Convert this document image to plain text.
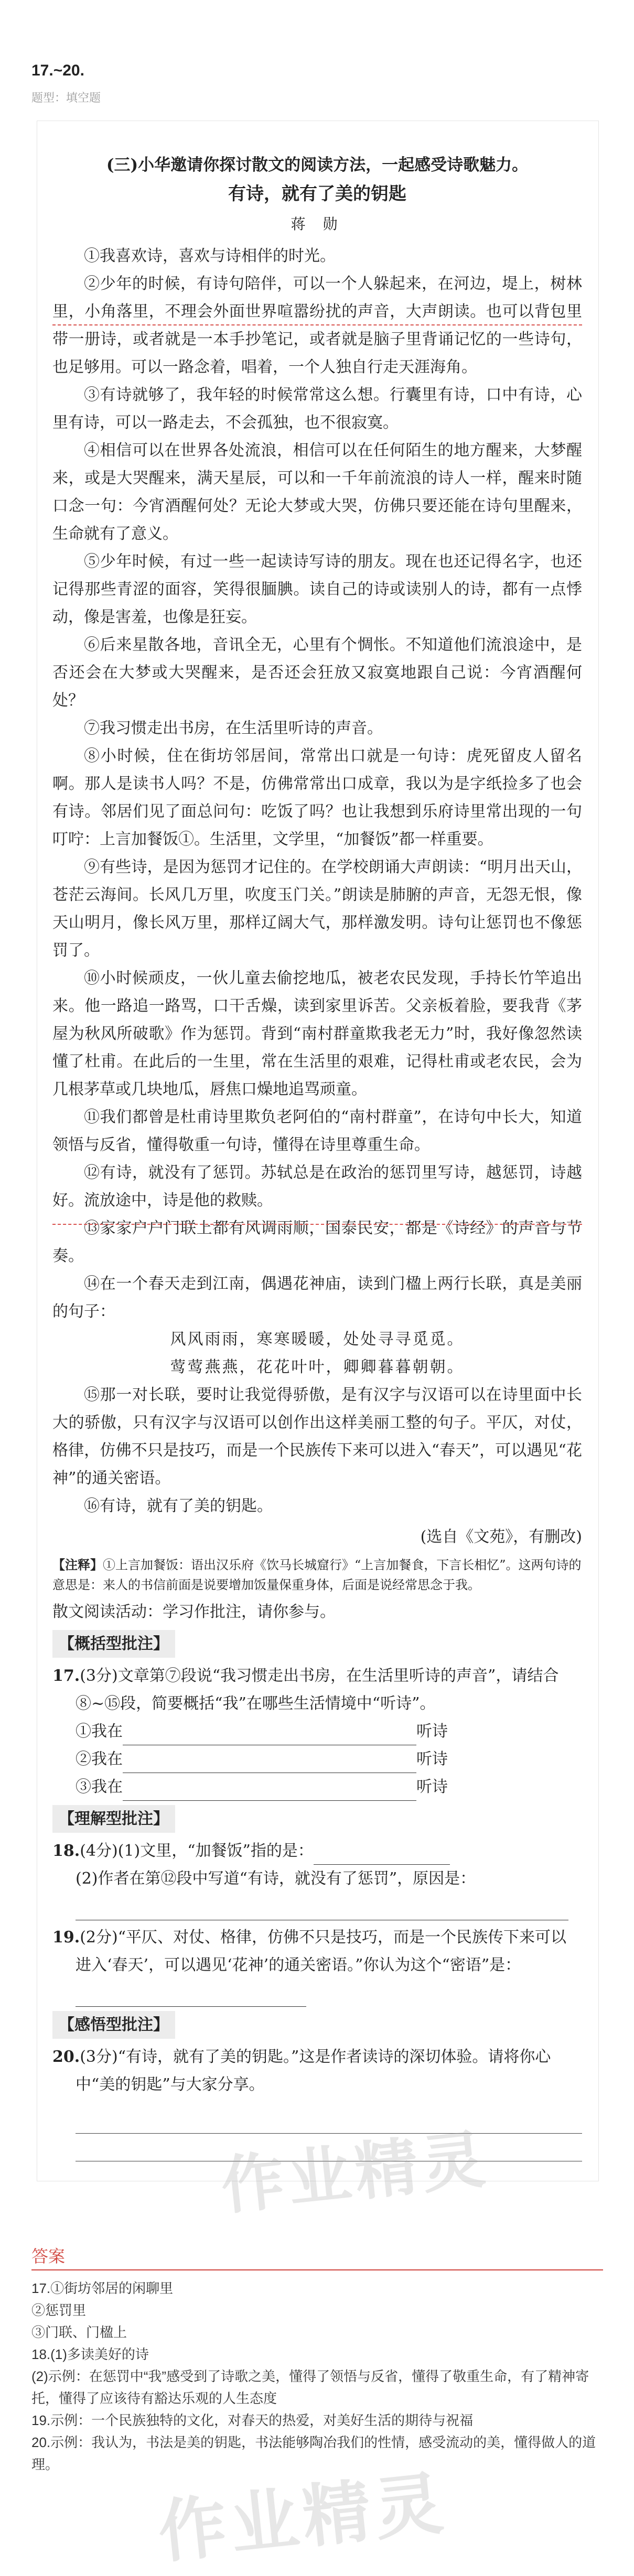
17.~20.
题型：填空题

(三)小华邀请你探讨散文的阅读方法，一起感受诗歌魅力。

有诗，就有了美的钥匙

蒋 勋

①我喜欢诗，喜欢与诗相伴的时光。

②少年的时候，有诗句陪伴，可以一个人躲起来，在河边，堤上，树林里，小角落里，不理会外面世界喧嚣纷扰的声音，大声朗读。也可以背包里带一册诗，或者就是一本手抄笔记，或者就是脑子里背诵记忆的一些诗句，也足够用。可以一路念着，唱着，一个人独自行走天涯海角。

③有诗就够了，我年轻的时候常常这么想。行囊里有诗，口中有诗，心里有诗，可以一路走去，不会孤独，也不很寂寞。

④相信可以在世界各处流浪，相信可以在任何陌生的地方醒来，大梦醒来，或是大哭醒来，满天星辰，可以和一千年前流浪的诗人一样，醒来时随口念一句：今宵酒醒何处？无论大梦或大哭，仿佛只要还能在诗句里醒来，生命就有了意义。

⑤少年时候，有过一些一起读诗写诗的朋友。现在也还记得名字，也还记得那些青涩的面容，笑得很腼腆。读自己的诗或读别人的诗，都有一点悸动，像是害羞，也像是狂妄。

⑥后来星散各地，音讯全无，心里有个惆怅。不知道他们流浪途中，是否还会在大梦或大哭醒来，是否还会狂放又寂寞地跟自己说：今宵酒醒何处？

⑦我习惯走出书房，在生活里听诗的声音。

⑧小时候，住在街坊邻居间，常常出口就是一句诗：虎死留皮人留名啊。那人是读书人吗？不是，仿佛常常出口成章，我以为是字纸捡多了也会有诗。邻居们见了面总问句：吃饭了吗？也让我想到乐府诗里常出现的一句叮咛：上言加餐饭①。生活里，文学里，“加餐饭”都一样重要。

⑨有些诗，是因为惩罚才记住的。在学校朗诵大声朗读：“明月出天山，苍茫云海间。长风几万里，吹度玉门关。”朗读是肺腑的声音，无怨无恨，像天山明月，像长风万里，那样辽阔大气，那样激发明。诗句让惩罚也不像惩罚了。

⑩小时候顽皮，一伙儿童去偷挖地瓜，被老农民发现，手持长竹竿追出来。他一路追一路骂，口干舌燥，读到家里诉苦。父亲板着脸，要我背《茅屋为秋风所破歌》作为惩罚。背到“南村群童欺我老无力”时，我好像忽然读懂了杜甫。在此后的一生里，常在生活里的艰难，记得杜甫或老农民，会为几根茅草或几块地瓜，唇焦口燥地追骂顽童。

⑪我们都曾是杜甫诗里欺负老阿伯的“南村群童”，在诗句中长大，知道领悟与反省，懂得敬重一句诗，懂得在诗里尊重生命。

⑫有诗，就没有了惩罚。苏轼总是在政治的惩罚里写诗，越惩罚，诗越好。流放途中，诗是他的救赎。

⑬家家户户门联上都有风调雨顺，国泰民安，都是《诗经》的声音与节奏。

⑭在一个春天走到江南，偶遇花神庙，读到门楹上两行长联，真是美丽的句子：

风风雨雨，寒寒暖暖，处处寻寻觅觅。

莺莺燕燕，花花叶叶，卿卿暮暮朝朝。

⑮那一对长联，要时让我觉得骄傲，是有汉字与汉语可以在诗里面中长大的骄傲，只有汉字与汉语可以创作出这样美丽工整的句子。平仄，对仗，格律，仿佛不只是技巧，而是一个民族传下来可以进入“春天”，可以遇见“花神”的通关密语。

⑯有诗，就有了美的钥匙。

(选自《文苑》，有删改)

【注释】①上言加餐饭：语出汉乐府《饮马长城窟行》“上言加餐食，下言长相忆”。这两句诗的意思是：来人的书信前面是说要增加饭量保重身体，后面是说经常思念于我。

散文阅读活动：学习作批注，请你参与。

【概括型批注】

17.(3分)文章第⑦段说“我习惯走出书房，在生活里听诗的声音”，请结合⑧~⑮段，简要概括“我”在哪些生活情境中“听诗”。

①我在	听诗

②我在	听诗

③我在	听诗

【理解型批注】

18.(4分)(1)文里，“加餐饭”指的是：

(2)作者在第⑫段中写道“有诗，就没有了惩罚”，原因是：

19.(2分)“平仄、对仗、格律，仿佛不只是技巧，而是一个民族传下来可以进入‘春天’，可以遇见‘花神’的通关密语。”你认为这个“密语”是：

【感悟型批注】

20.(3分)“有诗，就有了美的钥匙。”这是作者读诗的深切体验。请将你心中“美的钥匙”与大家分享。

作业精灵
答案

17.①街坊邻居的闲聊里

②惩罚里

③门联、门楹上

18.(1)多读美好的诗

(2)示例：在惩罚中“我”感受到了诗歌之美，懂得了领悟与反省，懂得了敬重生命，有了精神寄托，懂得了应该待有豁达乐观的人生态度

19.示例：一个民族独特的文化，对春天的热爱，对美好生活的期待与祝福

20.示例：我认为，书法是美的钥匙，书法能够陶冶我们的性情，感受流动的美，懂得做人的道理。	作业精灵
